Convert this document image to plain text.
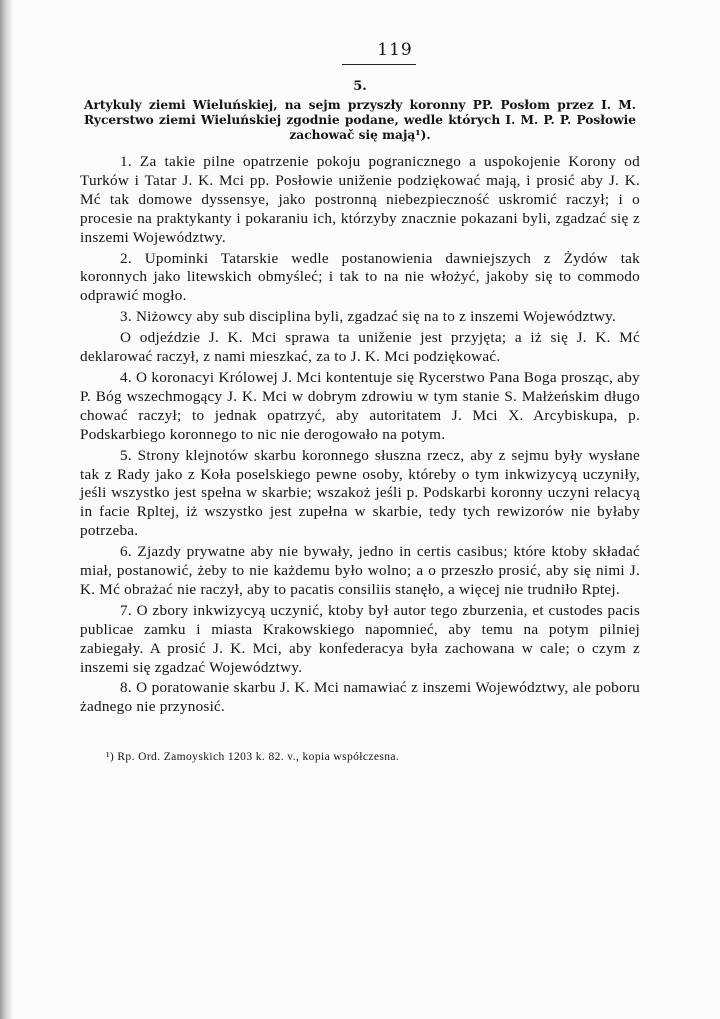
119
5.
Artykuly ziemi Wieluńskiej, na sejm przyszły koronny PP. Posłom przez I. M. Rycerstwo ziemi Wieluńskiej zgodnie podane, wedle których I. M. P. P. Posłowie zachowač się mają¹).

1. Za takie pilne opatrzenie pokoju pogranicznego a uspokojenie Korony od Turków i Tatar J. K. Mci pp. Posłowie uniženie podziękować mają, i prosić aby J. K. Mć tak domowe dyssensye, jako postronną niebezpieczność uskromić raczył; i o procesie na praktykanty i pokaraniu ich, którzyby znacznie pokazani byli, zgadzać się z inszemi Województwy.

2. Upominki Tatarskie wedle postanowienia dawniejszych z Żydów tak koronnych jako litewskich obmyśleć; i tak to na nie włożyć, jakoby się to commodo odprawić mogło.

3. Niżowcy aby sub disciplina byli, zgadzać się na to z inszemi Województwy.

O odjeździe J. K. Mci sprawa ta uniženie jest przyjęta; a iż się J. K. Mć deklarować raczył, z nami mieszkać, za to J. K. Mci podziękować.

4. O koronacyi Królowej J. Mci kontentuje się Rycerstwo Pana Boga prosząc, aby P. Bóg wszechmogący J. K. Mci w dobrym zdrowiu w tym stanie S. Małżeńskim długo chować raczył; to jednak opatrzyć, aby autoritatem J. Mci X. Arcybiskupa, p. Podskarbiego koronnego to nic nie derogowało na potym.

5. Strony klejnotów skarbu koronnego słuszna rzecz, aby z sejmu były wysłane tak z Rady jako z Koła poselskiego pewne osoby, któreby o tym inkwizycyą uczyniły, jeśli wszystko jest spełna w skarbie; wszakoż jeśli p. Podskarbi koronny uczyni relacyą in facie Rpltej, iż wszystko jest zupełna w skarbie, tedy tych rewizorów nie byłaby potrzeba.

6. Zjazdy prywatne aby nie bywały, jedno in certis casibus; które ktoby składać miał, postanowić, żeby to nie każdemu było wolno; a o przeszło prosić, aby się nimi J. K. Mć obrażać nie raczył, aby to pacatis consiliis stanęło, a więcej nie trudniło Rptej.

7. O zbory inkwizycyą uczynić, ktoby był autor tego zburzenia, et custodes pacis publicae zamku i miasta Krakowskiego napomnieć, aby temu na potym pilniej zabiegały. A prosić J. K. Mci, aby konfederacya była zachowana w cale; o czym z inszemi się zgadzać Województwy.

8. O poratowanie skarbu J. K. Mci namawiać z inszemi Województwy, ale poboru żadnego nie przynosić.

¹) Rp. Ord. Zamoyskich 1203 k. 82. v., kopia współczesna.
